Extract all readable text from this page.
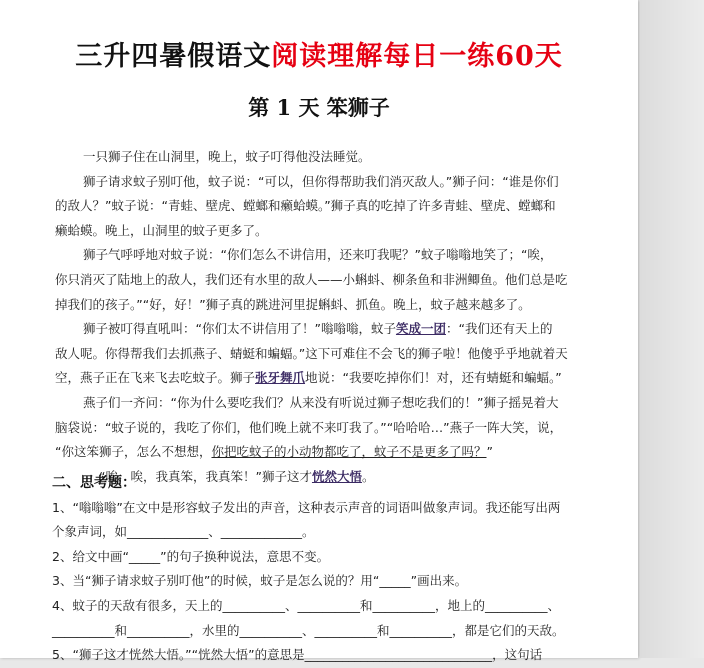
三升四暑假语文阅读理解每日一练60天
第 1 天 笨狮子

一只狮子住在山洞里，晚上，蚊子叮得他没法睡觉。

狮子请求蚊子别叮他，蚊子说：“可以，但你得帮助我们消灭敌人。”狮子问：“谁是你们

的敌人？”蚊子说：“青蛙、壁虎、螳螂和癞蛤蟆。”狮子真的吃掉了许多青蛙、壁虎、螳螂和

癞蛤蟆。晚上，山洞里的蚊子更多了。

狮子气呼呼地对蚊子说：“你们怎么不讲信用，还来叮我呢？”蚊子嗡嗡地笑了；“唉，

你只消灭了陆地上的敌人，我们还有水里的敌人——小蝌蚪、柳条鱼和非洲鲫鱼。他们总是吃

掉我们的孩子。”“好，好！”狮子真的跳进河里捉蝌蚪、抓鱼。晚上，蚊子越来越多了。

狮子被叮得直吼叫：“你们太不讲信用了！”嗡嗡嗡，蚊子笑成一团：“我们还有天上的

敌人呢。你得帮我们去抓燕子、蜻蜓和蝙蝠。”这下可难住不会飞的狮子啦！他傻乎乎地就着天

空，燕子正在飞来飞去吃蚊子。狮子张牙舞爪地说：“我要吃掉你们！对，还有蜻蜓和蝙蝠。”

燕子们一齐问：“你为什么要吃我们？从来没有听说过狮子想吃我们的！”狮子摇晃着大

脑袋说：“蚊子说的，我吃了你们，他们晚上就不来叮我了。”“哈哈哈…”燕子一阵大笑，说，

“你这笨狮子，怎么不想想，你把吃蚊子的小动物都吃了，蚊子不是更多了吗？”

“唉，唉，我真笨，我真笨！”狮子这才恍然大悟。

二、思考题：

1、“嗡嗡嗡”在文中是形容蚊子发出的声音，这种表示声音的词语叫做象声词。我还能写出两

个象声词，如_____________、_____________。

2、给文中画“_____”的句子换种说法，意思不变。

3、当“狮子请求蚊子别叮他”的时候，蚊子是怎么说的？用“_____”画出来。

4、蚊子的天敌有很多，天上的__________、__________和__________，地上的__________、

__________和__________，水里的__________、__________和__________，都是它们的天敌。

5、“狮子这才恍然大悟。”“恍然大悟”的意思是______________________________，这句话
